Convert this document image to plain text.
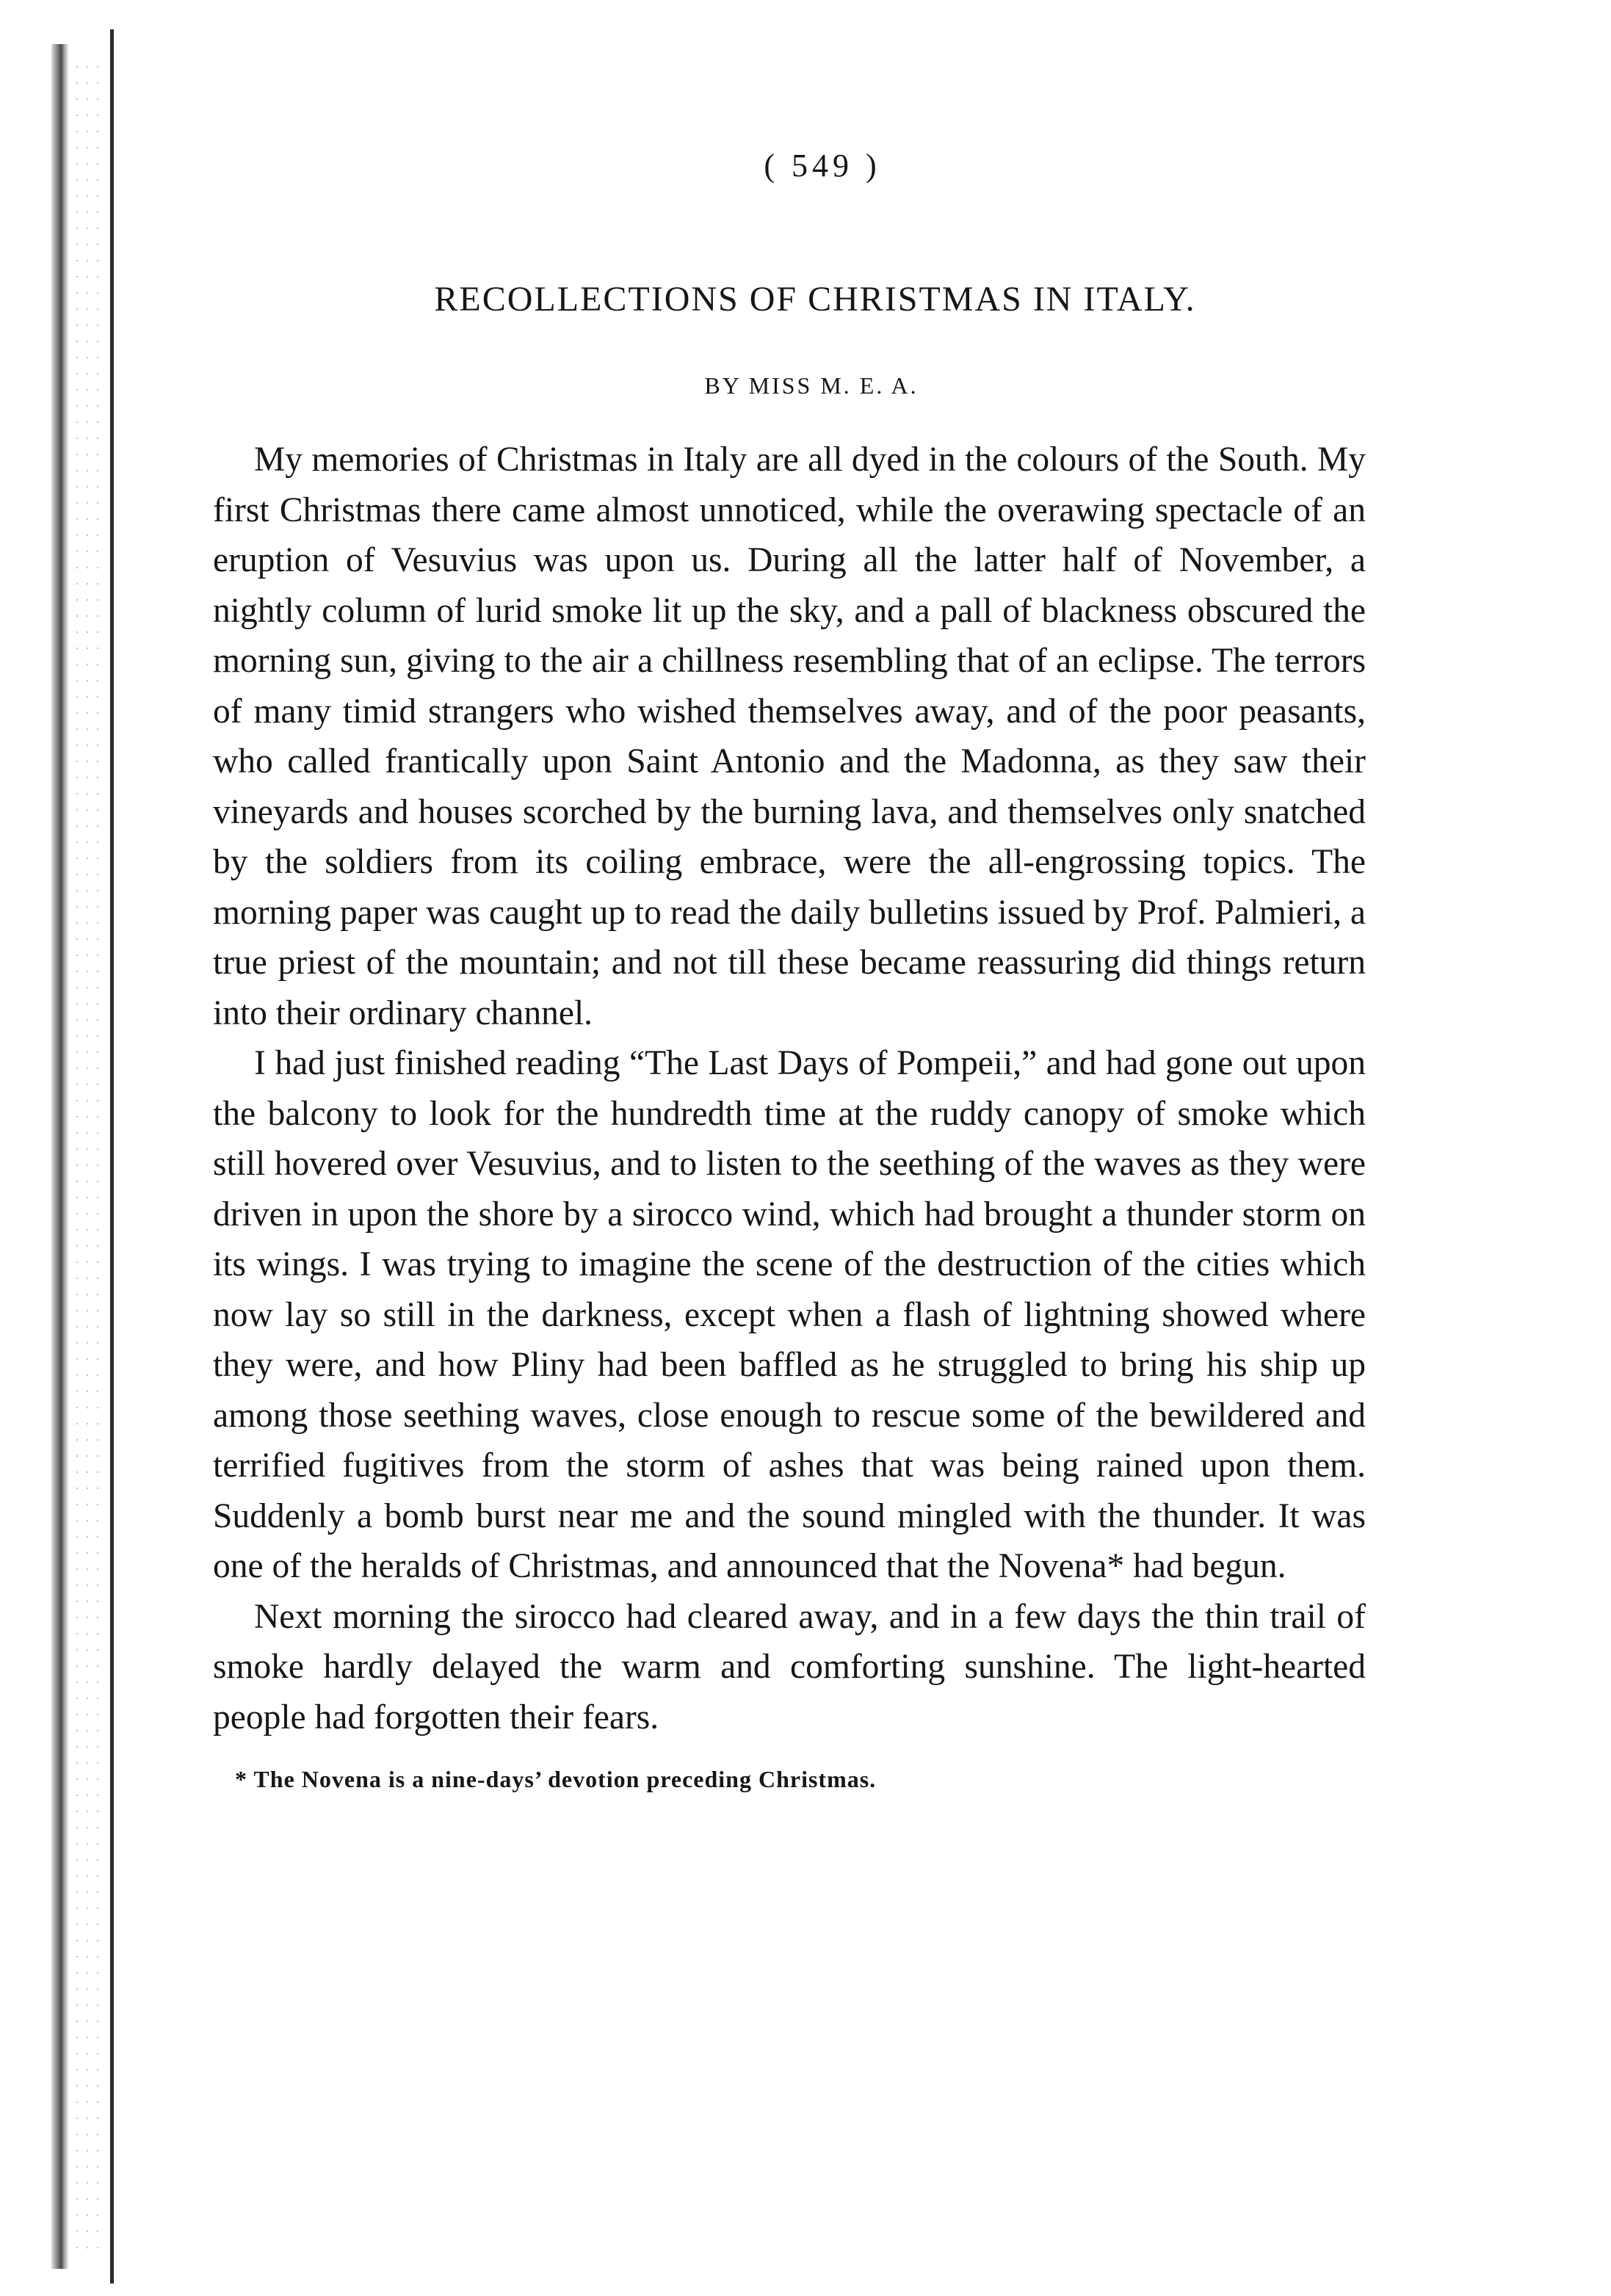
( 549 )
RECOLLECTIONS OF CHRISTMAS IN ITALY.
BY MISS M. E. A.

My memories of Christmas in Italy are all dyed in the colours of the South. My first Christmas there came almost unnoticed, while the overawing spectacle of an eruption of Vesuvius was upon us. During all the latter half of November, a nightly column of lurid smoke lit up the sky, and a pall of blackness obscured the morning sun, giving to the air a chillness resembling that of an eclipse. The terrors of many timid strangers who wished themselves away, and of the poor peasants, who called frantically upon Saint Antonio and the Madonna, as they saw their vineyards and houses scorched by the burning lava, and themselves only snatched by the soldiers from its coiling embrace, were the all-engrossing topics. The morning paper was caught up to read the daily bulletins issued by Prof. Palmieri, a true priest of the mountain; and not till these became reassuring did things return into their ordinary channel.

I had just finished reading “The Last Days of Pompeii,” and had gone out upon the balcony to look for the hundredth time at the ruddy canopy of smoke which still hovered over Vesuvius, and to listen to the seething of the waves as they were driven in upon the shore by a sirocco wind, which had brought a thunder storm on its wings. I was trying to imagine the scene of the destruction of the cities which now lay so still in the darkness, except when a flash of lightning showed where they were, and how Pliny had been baffled as he struggled to bring his ship up among those seething waves, close enough to rescue some of the bewildered and terrified fugitives from the storm of ashes that was being rained upon them. Suddenly a bomb burst near me and the sound mingled with the thunder. It was one of the heralds of Christmas, and announced that the Novena* had begun.

Next morning the sirocco had cleared away, and in a few days the thin trail of smoke hardly delayed the warm and comforting sunshine. The light-hearted people had forgotten their fears.

* The Novena is a nine-days’ devotion preceding Christmas.
